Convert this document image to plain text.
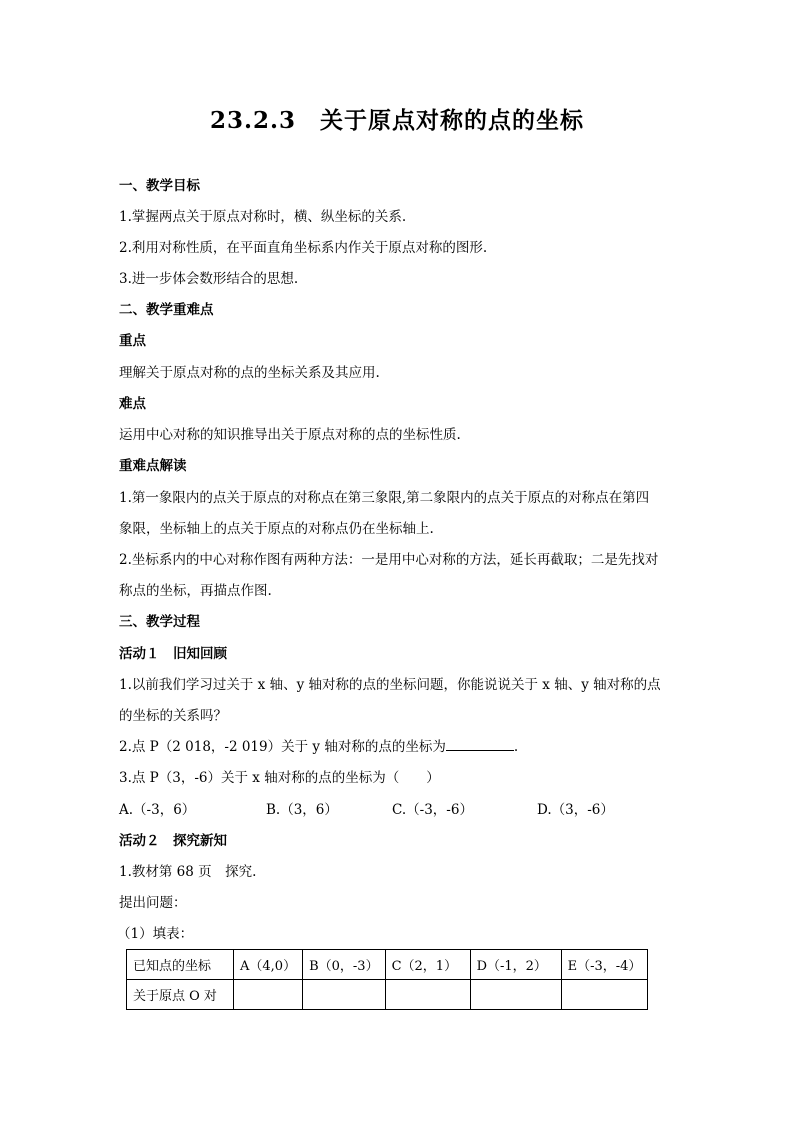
23.2.3　关于原点对称的点的坐标
一、教学目标
1.掌握两点关于原点对称时，横、纵坐标的关系.
2.利用对称性质，在平面直角坐标系内作关于原点对称的图形.
3.进一步体会数形结合的思想.
二、教学重难点
重点
理解关于原点对称的点的坐标关系及其应用.
难点
运用中心对称的知识推导出关于原点对称的点的坐标性质.
重难点解读
1.第一象限内的点关于原点的对称点在第三象限,第二象限内的点关于原点的对称点在第四
象限，坐标轴上的点关于原点的对称点仍在坐标轴上.
2.坐标系内的中心对称作图有两种方法：一是用中心对称的方法，延长再截取；二是先找对
称点的坐标，再描点作图.
三、教学过程
活动１　旧知回顾
1.以前我们学习过关于 x 轴、y 轴对称的点的坐标问题，你能说说关于 x 轴、y 轴对称的点
的坐标的关系吗？
2.点 P（2 018，-2 019）关于 y 轴对称的点的坐标为	.
3.点 P（3，-6）关于 x 轴对称的点的坐标为（　　）
A.（-3，6）	B.（3，6）	C.（-3，-6）	D.（3，-6）
活动２　探究新知
1.教材第 68 页　探究.
提出问题：
（1）填表：
已知点的坐标	A（4,0）	B（0，-3）	C（2，1）	D（-1，2）	E（-3，-4）
关于原点 O 对					
